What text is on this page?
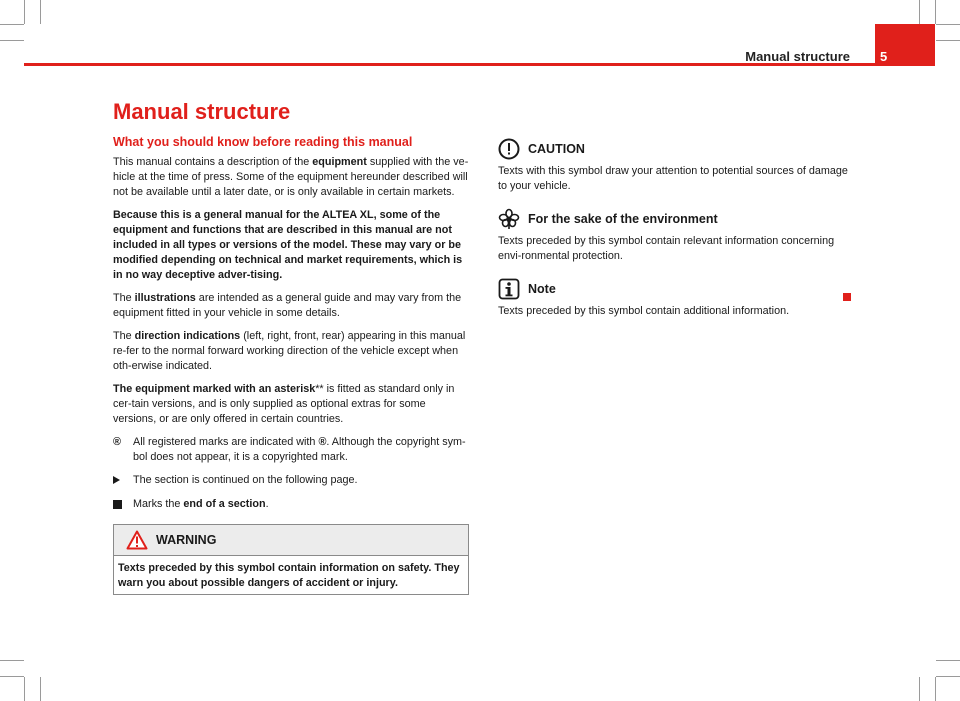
Manual structure 5
Manual structure
What you should know before reading this manual

This manual contains a description of the equipment supplied with the ve-hicle at the time of press. Some of the equipment hereunder described will not be available until a later date, or is only available in certain markets.

Because this is a general manual for the ALTEA XL, some of the equipment and functions that are described in this manual are not included in all types or versions of the model. These may vary or be modified depending on technical and market requirements, which is in no way deceptive adver-tising.

The illustrations are intended as a general guide and may vary from the equipment fitted in your vehicle in some details.

The direction indications (left, right, front, rear) appearing in this manual re-fer to the normal forward working direction of the vehicle except when oth-erwise indicated.

The equipment marked with an asterisk** is fitted as standard only in cer-tain versions, and is only supplied as optional extras for some versions, or are only offered in certain countries.

®	All registered marks are indicated with ®. Although the copyright sym-bol does not appear, it is a copyrighted mark.
The section is continued on the following page.
Marks the end of a section.
WARNING
Texts preceded by this symbol contain information on safety. They warn you about possible dangers of accident or injury.
CAUTION

Texts with this symbol draw your attention to potential sources of damage to your vehicle.

For the sake of the environment

Texts preceded by this symbol contain relevant information concerning envi-ronmental protection.

Note

Texts preceded by this symbol contain additional information.
